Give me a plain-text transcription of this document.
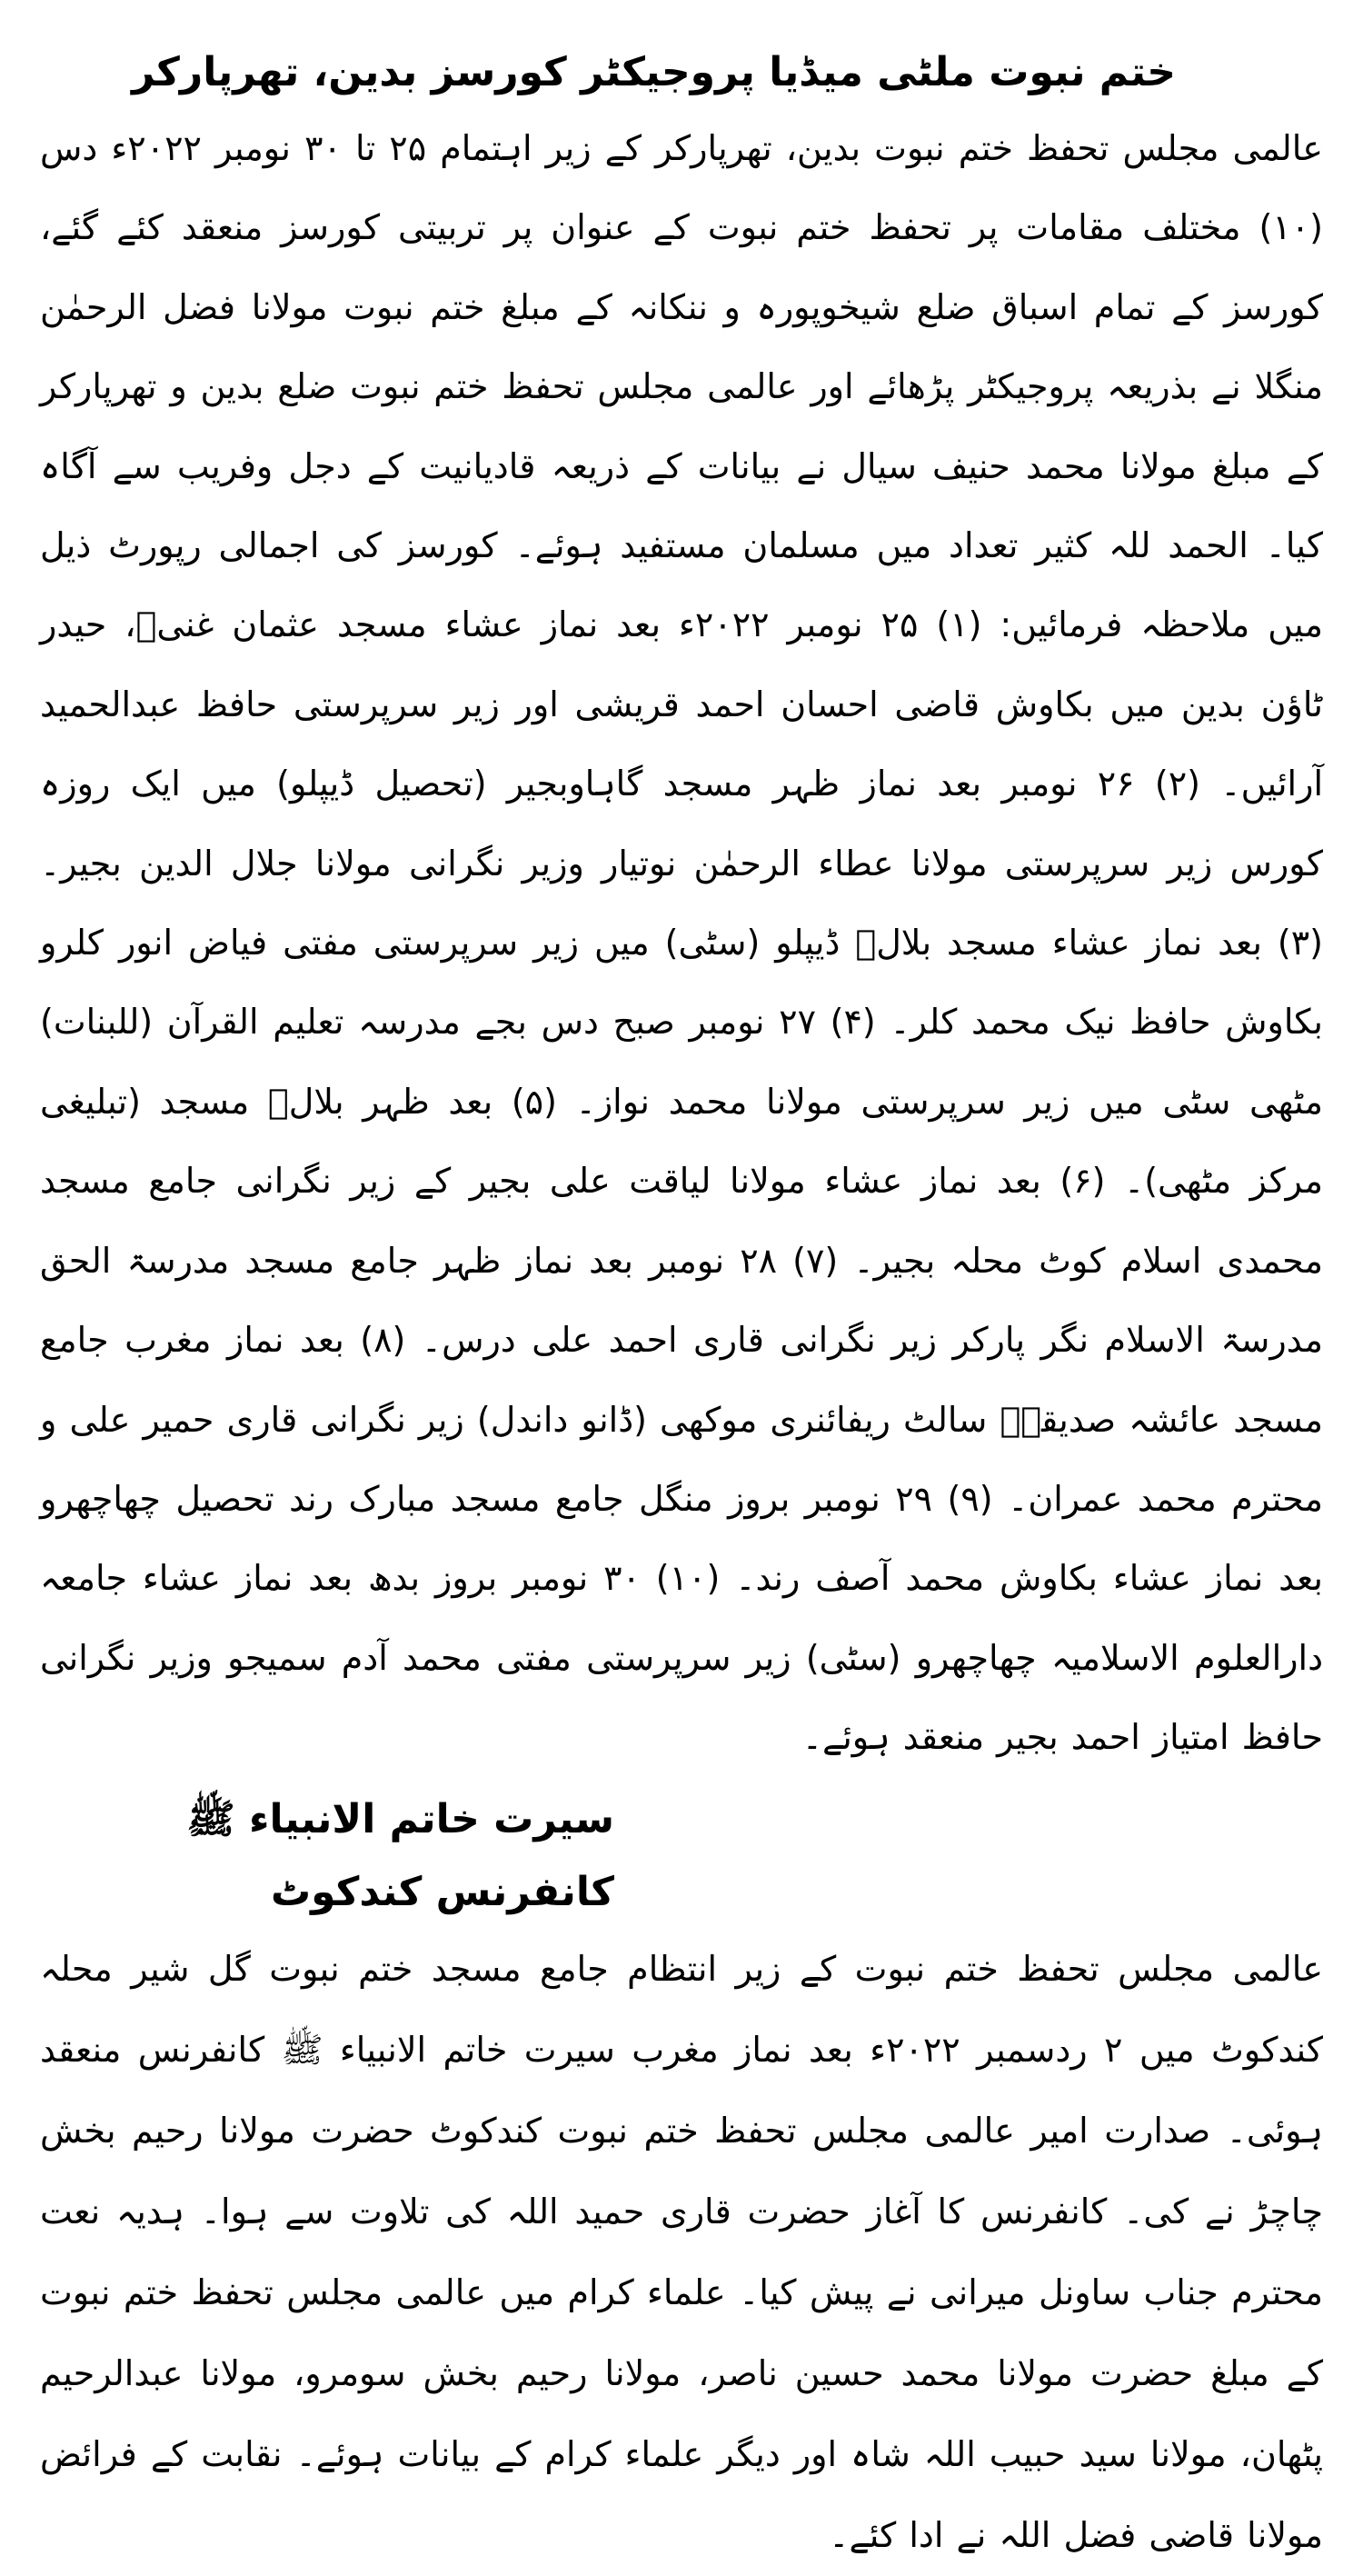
ختم نبوت ملٹی میڈیا پروجیکٹر کورسز بدین، تھرپارکر

عالمی مجلس تحفظ ختم نبوت بدین، تھرپارکر کے زیر اہتمام ۲۵ تا ۳۰ نومبر ۲۰۲۲ء دس (۱۰) مختلف مقامات پر تحفظ ختم نبوت کے عنوان پر تربیتی کورسز منعقد کئے گئے، کورسز کے تمام اسباق ضلع شیخوپورہ و ننکانہ کے مبلغ ختم نبوت مولانا فضل الرحمٰن منگلا نے بذریعہ پروجیکٹر پڑھائے اور عالمی مجلس تحفظ ختم نبوت ضلع بدین و تھرپارکر کے مبلغ مولانا محمد حنیف سیال نے بیانات کے ذریعہ قادیانیت کے دجل وفریب سے آگاہ کیا۔ الحمد للہ کثیر تعداد میں مسلمان مستفید ہوئے۔ کورسز کی اجمالی رپورٹ ذیل میں ملاحظہ فرمائیں: (۱) ۲۵ نومبر ۲۰۲۲ء بعد نماز عشاء مسجد عثمان غنیؓ، حیدر ٹاؤن بدین میں بکاوش قاضی احسان احمد قریشی اور زیر سرپرستی حافظ عبدالحمید آرائیں۔ (۲) ۲۶ نومبر بعد نماز ظہر مسجد گاہاوبجیر (تحصیل ڈیپلو) میں ایک روزہ کورس زیر سرپرستی مولانا عطاء الرحمٰن نوتیار وزیر نگرانی مولانا جلال الدین بجیر۔ (۳) بعد نماز عشاء مسجد بلالؓ ڈیپلو (سٹی) میں زیر سرپرستی مفتی فیاض انور کلرو بکاوش حافظ نیک محمد کلر۔ (۴) ۲۷ نومبر صبح دس بجے مدرسہ تعلیم القرآن (للبنات) مٹھی سٹی میں زیر سرپرستی مولانا محمد نواز۔ (۵) بعد ظہر بلالؓ مسجد (تبلیغی مرکز مٹھی)۔ (۶) بعد نماز عشاء مولانا لیاقت علی بجیر کے زیر نگرانی جامع مسجد محمدی اسلام کوٹ محلہ بجیر۔ (۷) ۲۸ نومبر بعد نماز ظہر جامع مسجد مدرسۃ الحق مدرسۃ الاسلام نگر پارکر زیر نگرانی قاری احمد علی درس۔ (۸) بعد نماز مغرب جامع مسجد عائشہ صدیقہؓ سالٹ ریفائنری موکھی (ڈانو داندل) زیر نگرانی قاری حمیر علی و محترم محمد عمران۔ (۹) ۲۹ نومبر بروز منگل جامع مسجد مبارک رند تحصیل چھاچھرو بعد نماز عشاء بکاوش محمد آصف رند۔ (۱۰) ۳۰ نومبر بروز بدھ بعد نماز عشاء جامعہ دارالعلوم الاسلامیہ چھاچھرو (سٹی) زیر سرپرستی مفتی محمد آدم سمیجو وزیر نگرانی حافظ امتیاز احمد بجیر منعقد ہوئے۔

سیرت خاتم الانبیاء ﷺ کانفرنس کندکوٹ

عالمی مجلس تحفظ ختم نبوت کے زیر انتظام جامع مسجد ختم نبوت گل شیر محلہ کندکوٹ میں ۲ ردسمبر ۲۰۲۲ء بعد نماز مغرب سیرت خاتم الانبیاء ﷺ کانفرنس منعقد ہوئی۔ صدارت امیر عالمی مجلس تحفظ ختم نبوت کندکوٹ حضرت مولانا رحیم بخش چاچڑ نے کی۔ کانفرنس کا آغاز حضرت قاری حمید اللہ کی تلاوت سے ہوا۔ ہدیہ نعت محترم جناب ساونل میرانی نے پیش کیا۔ علماء کرام میں عالمی مجلس تحفظ ختم نبوت کے مبلغ حضرت مولانا محمد حسین ناصر، مولانا رحیم بخش سومرو، مولانا عبدالرحیم پٹھان، مولانا سید حبیب اللہ شاہ اور دیگر علماء کرام کے بیانات ہوئے۔ نقابت کے فرائض مولانا قاضی فضل اللہ نے ادا کئے۔
